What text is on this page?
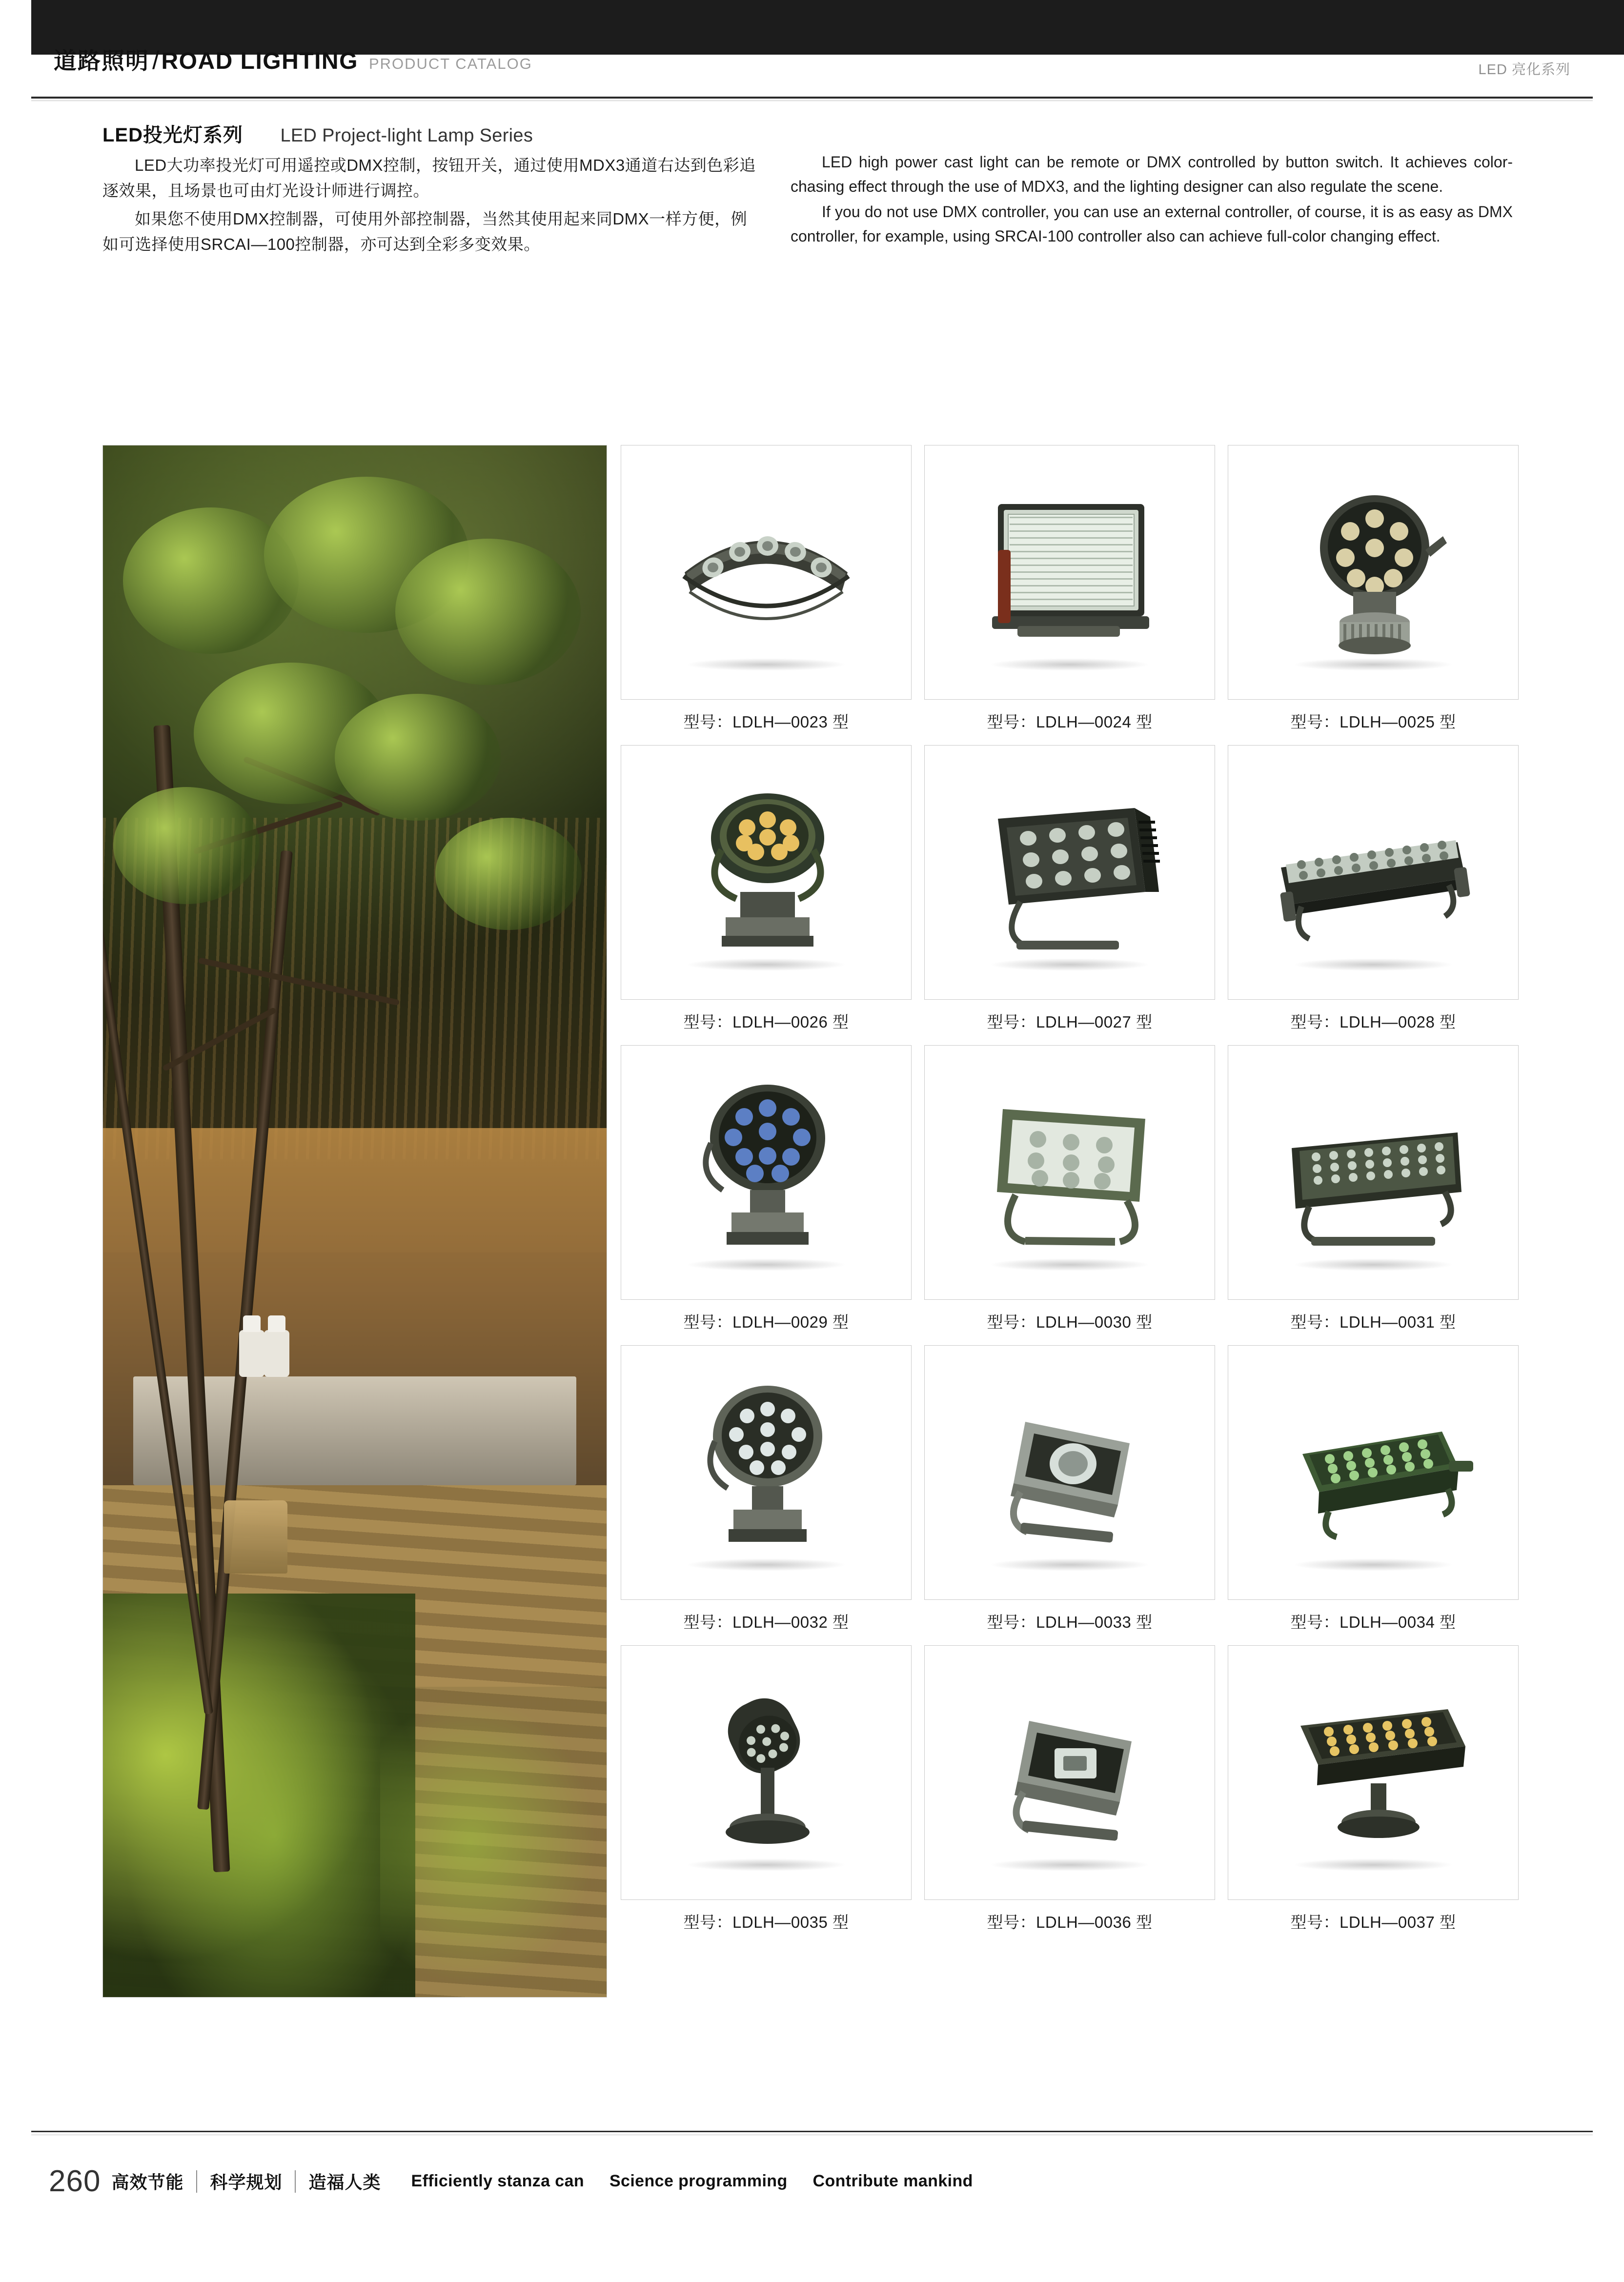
道路照明 / ROAD LIGHTING PRODUCT CATALOG	LED 亮化系列
LED投光灯系列 LED Project-light Lamp Series

LED大功率投光灯可用遥控或DMX控制，按钮开关，通过使用MDX3通道右达到色彩追逐效果，且场景也可由灯光设计师进行调控。

如果您不使用DMX控制器，可使用外部控制器，当然其使用起来同DMX一样方便，例如可选择使用SRCAI—100控制器，亦可达到全彩多变效果。

LED high power cast light can be remote or DMX controlled by button switch. It achieves color-chasing effect through the use of MDX3, and the lighting designer can also regulate the scene.

If you do not use DMX controller, you can use an external controller, of course, it is as easy as DMX controller, for example, using SRCAI-100 controller also can achieve full-color changing effect.

型号：LDLH—0023 型	型号：LDLH—0024 型	型号：LDLH—0025 型
型号：LDLH—0026 型	型号：LDLH—0027 型	型号：LDLH—0028 型
型号：LDLH—0029 型	型号：LDLH—0030 型	型号：LDLH—0031 型
型号：LDLH—0032 型	型号：LDLH—0033 型	型号：LDLH—0034 型
型号：LDLH—0035 型	型号：LDLH—0036 型	型号：LDLH—0037 型
260 高效节能 科学规划 造福人类 Efficiently stanza can Science programming Contribute mankind
